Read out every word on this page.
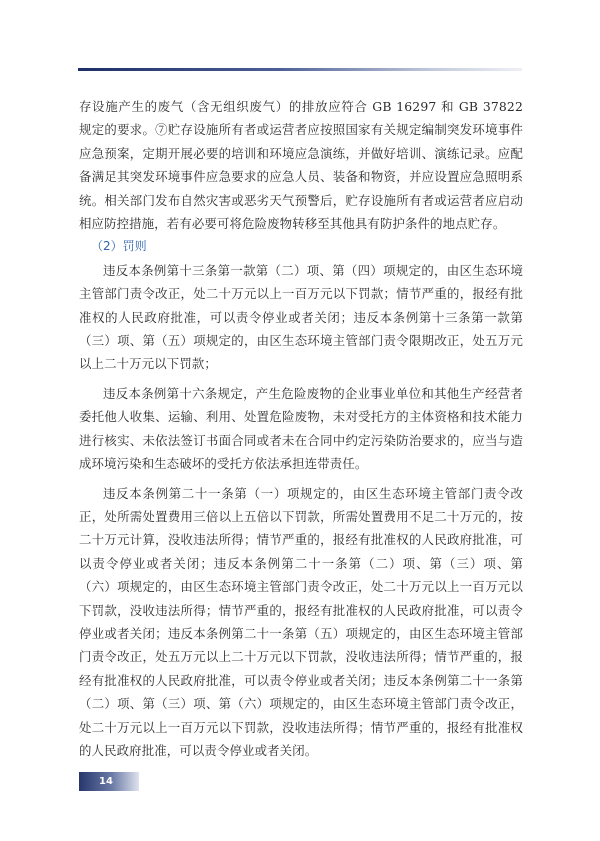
存设施产生的废气（含无组织废气）的排放应符合 GB 16297 和 GB 37822 规定的要求。⑦贮存设施所有者或运营者应按照国家有关规定编制突发环境事件应急预案，定期开展必要的培训和环境应急演练，并做好培训、演练记录。应配备满足其突发环境事件应急要求的应急人员、装备和物资，并应设置应急照明系统。相关部门发布自然灾害或恶劣天气预警后，贮存设施所有者或运营者应启动相应防控措施，若有必要可将危险废物转移至其他具有防护条件的地点贮存。

（2）罚则

违反本条例第十三条第一款第（二）项、第（四）项规定的，由区生态环境主管部门责令改正，处二十万元以上一百万元以下罚款；情节严重的，报经有批准权的人民政府批准，可以责令停业或者关闭；违反本条例第十三条第一款第（三）项、第（五）项规定的，由区生态环境主管部门责令限期改正，处五万元以上二十万元以下罚款；

违反本条例第十六条规定，产生危险废物的企业事业单位和其他生产经营者委托他人收集、运输、利用、处置危险废物，未对受托方的主体资格和技术能力进行核实、未依法签订书面合同或者未在合同中约定污染防治要求的，应当与造成环境污染和生态破坏的受托方依法承担连带责任。

违反本条例第二十一条第（一）项规定的，由区生态环境主管部门责令改正，处所需处置费用三倍以上五倍以下罚款，所需处置费用不足二十万元的，按二十万元计算，没收违法所得；情节严重的，报经有批准权的人民政府批准，可以责令停业或者关闭；违反本条例第二十一条第（二）项、第（三）项、第（六）项规定的，由区生态环境主管部门责令改正，处二十万元以上一百万元以下罚款，没收违法所得；情节严重的，报经有批准权的人民政府批准，可以责令停业或者关闭；违反本条例第二十一条第（五）项规定的，由区生态环境主管部门责令改正，处五万元以上二十万元以下罚款，没收违法所得；情节严重的，报经有批准权的人民政府批准，可以责令停业或者关闭；违反本条例第二十一条第（二）项、第（三）项、第（六）项规定的，由区生态环境主管部门责令改正，处二十万元以上一百万元以下罚款，没收违法所得；情节严重的，报经有批准权的人民政府批准，可以责令停业或者关闭。

14
